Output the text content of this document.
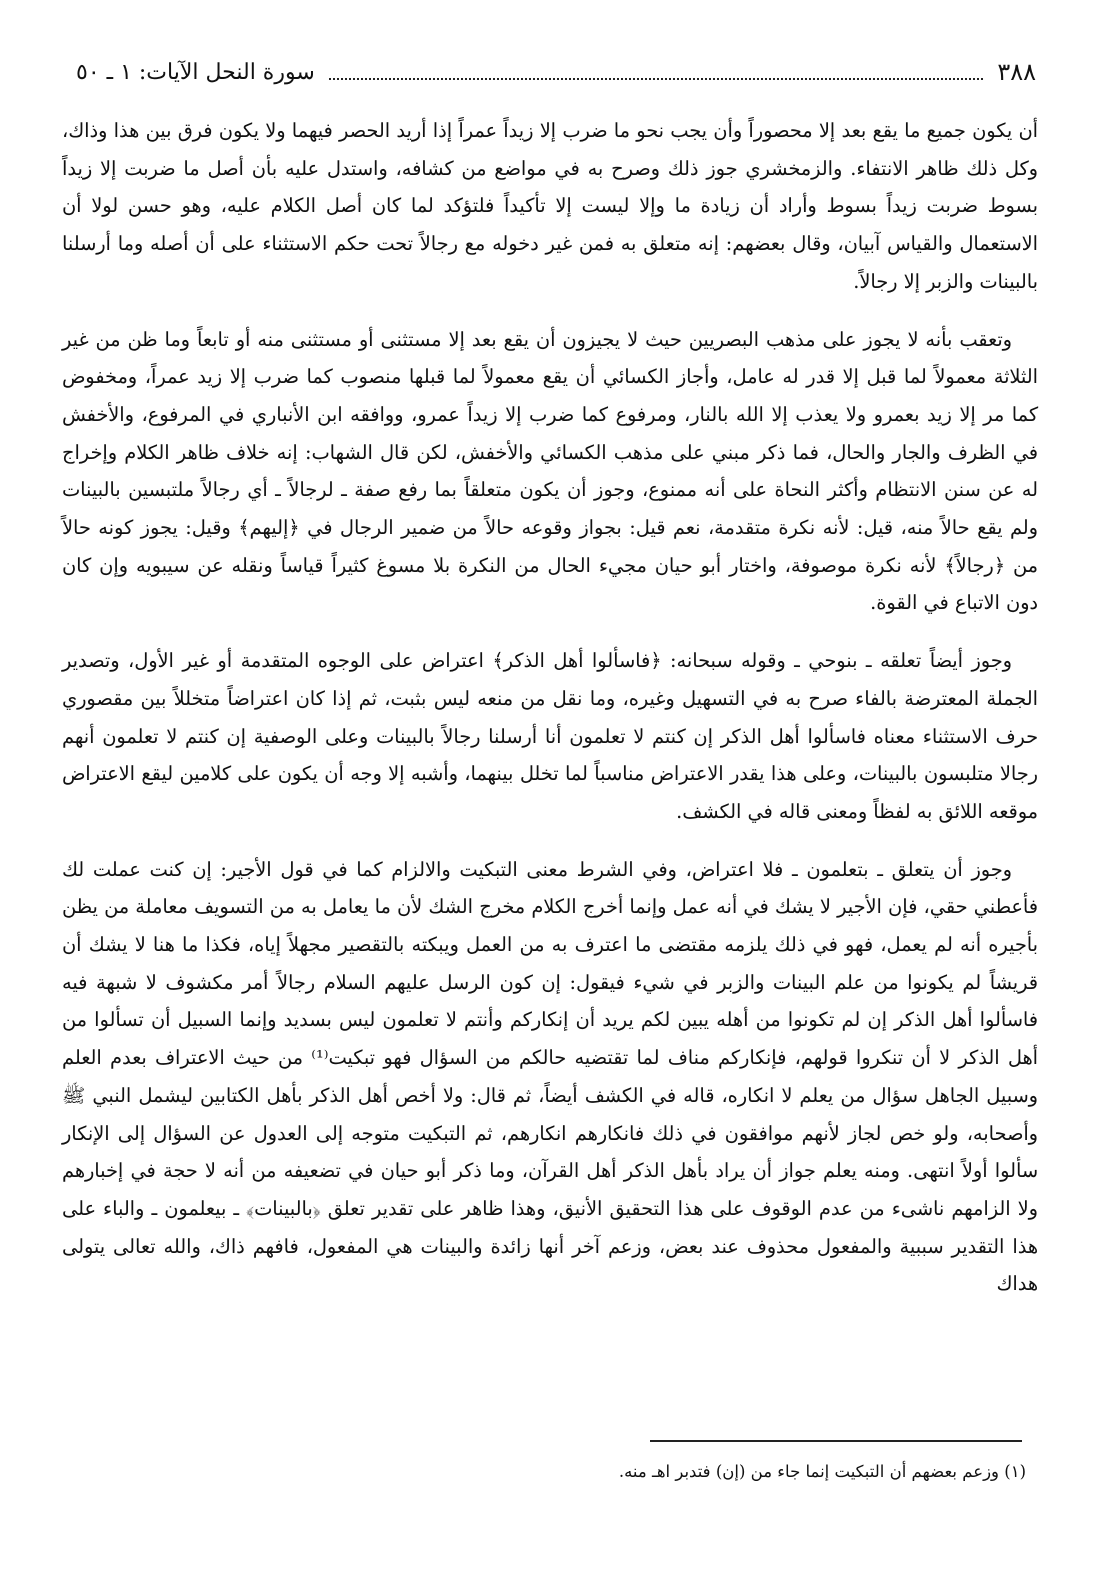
٣٨٨
سورة النحل الآيات: ١ ـ ٥٠

أن يكون جميع ما يقع بعد إلا محصوراً وأن يجب نحو ما ضرب إلا زيداً عمراً إذا أريد الحصر فيهما ولا يكون فرق بين هذا وذاك، وكل ذلك ظاهر الانتفاء. والزمخشري جوز ذلك وصرح به في مواضع من كشافه، واستدل عليه بأن أصل ما ضربت إلا زيداً بسوط ضربت زيداً بسوط وأراد أن زيادة ما وإلا ليست إلا تأكيداً فلتؤكد لما كان أصل الكلام عليه، وهو حسن لولا أن الاستعمال والقياس آبيان، وقال بعضهم: إنه متعلق به فمن غير دخوله مع رجالاً تحت حكم الاستثناء على أن أصله وما أرسلنا بالبينات والزبر إلا رجالاً.

وتعقب بأنه لا يجوز على مذهب البصريين حيث لا يجيزون أن يقع بعد إلا مستثنى أو مستثنى منه أو تابعاً وما ظن من غير الثلاثة معمولاً لما قبل إلا قدر له عامل، وأجاز الكسائي أن يقع معمولاً لما قبلها منصوب كما ضرب إلا زيد عمراً، ومخفوض كما مر إلا زيد بعمرو ولا يعذب إلا الله بالنار، ومرفوع كما ضرب إلا زيداً عمرو، ووافقه ابن الأنباري في المرفوع، والأخفش في الظرف والجار والحال، فما ذكر مبني على مذهب الكسائي والأخفش، لكن قال الشهاب: إنه خلاف ظاهر الكلام وإخراج له عن سنن الانتظام وأكثر النحاة على أنه ممنوع، وجوز أن يكون متعلقاً بما رفع صفة ـ لرجالاً ـ أي رجالاً ملتبسين بالبينات ولم يقع حالاً منه، قيل: لأنه نكرة متقدمة، نعم قيل: بجواز وقوعه حالاً من ضمير الرجال في ﴿إليهم﴾ وقيل: يجوز كونه حالاً من ﴿رجالاً﴾ لأنه نكرة موصوفة، واختار أبو حيان مجيء الحال من النكرة بلا مسوغ كثيراً قياساً ونقله عن سيبويه وإن كان دون الاتباع في القوة.

وجوز أيضاً تعلقه ـ بنوحي ـ وقوله سبحانه: ﴿فاسألوا أهل الذكر﴾ اعتراض على الوجوه المتقدمة أو غير الأول، وتصدير الجملة المعترضة بالفاء صرح به في التسهيل وغيره، وما نقل من منعه ليس بثبت، ثم إذا كان اعتراضاً متخللاً بين مقصوري حرف الاستثناء معناه فاسألوا أهل الذكر إن كنتم لا تعلمون أنا أرسلنا رجالاً بالبينات وعلى الوصفية إن كنتم لا تعلمون أنهم رجالا متلبسون بالبينات، وعلى هذا يقدر الاعتراض مناسباً لما تخلل بينهما، وأشبه إلا وجه أن يكون على كلامين ليقع الاعتراض موقعه اللائق به لفظاً ومعنى قاله في الكشف.

وجوز أن يتعلق ـ بتعلمون ـ فلا اعتراض، وفي الشرط معنى التبكيت والالزام كما في قول الأجير: إن كنت عملت لك فأعطني حقي، فإن الأجير لا يشك في أنه عمل وإنما أخرج الكلام مخرج الشك لأن ما يعامل به من التسويف معاملة من يظن بأجيره أنه لم يعمل، فهو في ذلك يلزمه مقتضى ما اعترف به من العمل ويبكته بالتقصير مجهلاً إياه، فكذا ما هنا لا يشك أن قريشاً لم يكونوا من علم البينات والزبر في شيء فيقول: إن كون الرسل عليهم السلام رجالاً أمر مكشوف لا شبهة فيه فاسألوا أهل الذكر إن لم تكونوا من أهله يبين لكم يريد أن إنكاركم وأنتم لا تعلمون ليس بسديد وإنما السبيل أن تسألوا من أهل الذكر لا أن تنكروا قولهم، فإنكاركم مناف لما تقتضيه حالكم من السؤال فهو تبكيت⁽¹⁾ من حيث الاعتراف بعدم العلم وسبيل الجاهل سؤال من يعلم لا انكاره، قاله في الكشف أيضاً، ثم قال: ولا أخص أهل الذكر بأهل الكتابين ليشمل النبي ﷺ وأصحابه، ولو خص لجاز لأنهم موافقون في ذلك فانكارهم انكارهم، ثم التبكيت متوجه إلى العدول عن السؤال إلى الإنكار سألوا أولاً انتهى. ومنه يعلم جواز أن يراد بأهل الذكر أهل القرآن، وما ذكر أبو حيان في تضعيفه من أنه لا حجة في إخبارهم ولا الزامهم ناشىء من عدم الوقوف على هذا التحقيق الأنيق، وهذا ظاهر على تقدير تعلق ﴿بالبينات﴾ ـ بيعلمون ـ والباء على هذا التقدير سببية والمفعول محذوف عند بعض، وزعم آخر أنها زائدة والبينات هي المفعول، فافهم ذاك، والله تعالى يتولى هداك

(١) وزعم بعضهم أن التبكيت إنما جاء من (إن) فتدبر اهـ منه.
